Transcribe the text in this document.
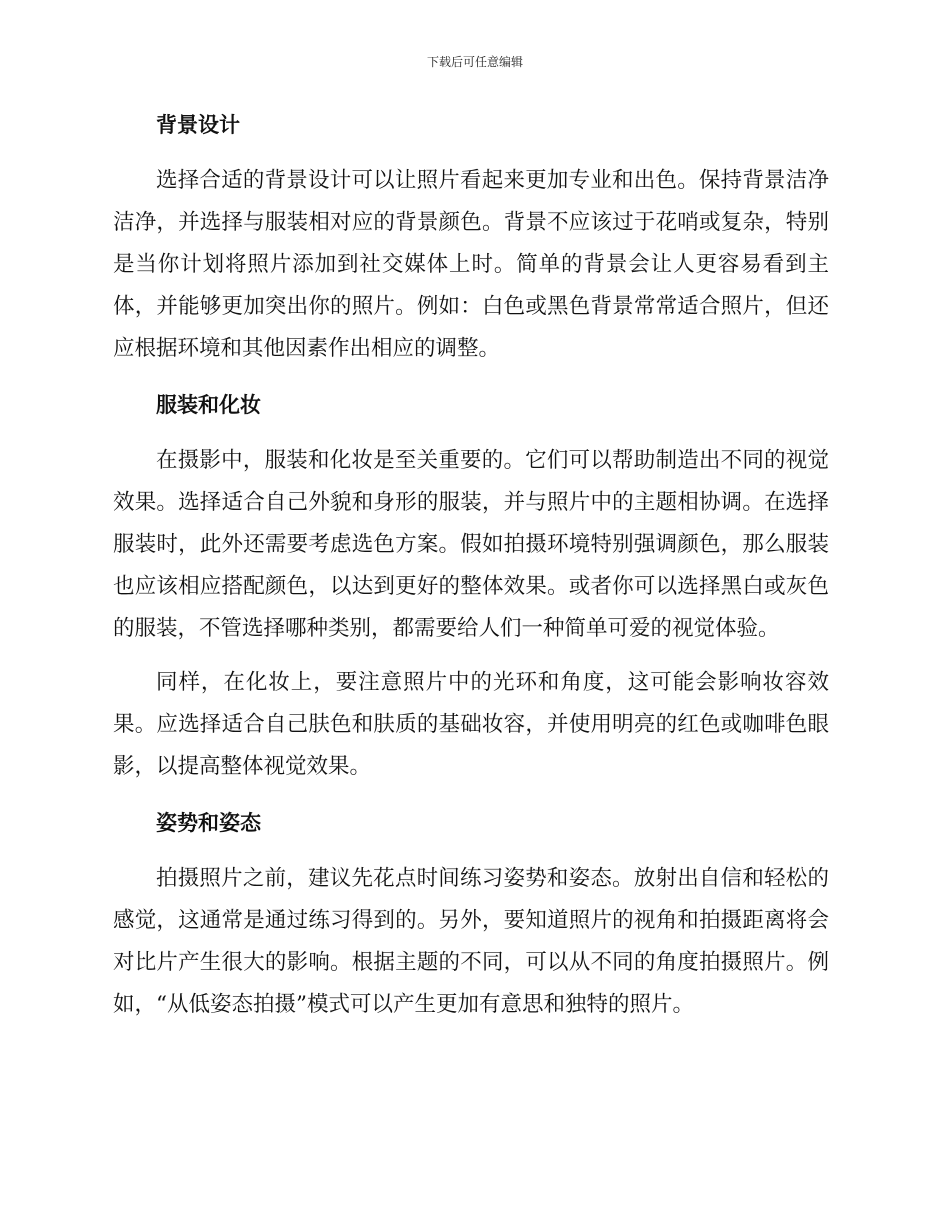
下载后可任意编辑
背景设计

选择合适的背景设计可以让照片看起来更加专业和出色。保持背景洁净洁净，并选择与服装相对应的背景颜色。背景不应该过于花哨或复杂，特别是当你计划将照片添加到社交媒体上时。简单的背景会让人更容易看到主体，并能够更加突出你的照片。例如：白色或黑色背景常常适合照片，但还应根据环境和其他因素作出相应的调整。

服装和化妆

在摄影中，服装和化妆是至关重要的。它们可以帮助制造出不同的视觉效果。选择适合自己外貌和身形的服装，并与照片中的主题相协调。在选择服装时，此外还需要考虑选色方案。假如拍摄环境特别强调颜色，那么服装也应该相应搭配颜色，以达到更好的整体效果。或者你可以选择黑白或灰色的服装，不管选择哪种类别，都需要给人们一种简单可爱的视觉体验。

同样，在化妆上，要注意照片中的光环和角度，这可能会影响妆容效果。应选择适合自己肤色和肤质的基础妆容，并使用明亮的红色或咖啡色眼影，以提高整体视觉效果。

姿势和姿态

拍摄照片之前，建议先花点时间练习姿势和姿态。放射出自信和轻松的感觉，这通常是通过练习得到的。另外，要知道照片的视角和拍摄距离将会对比片产生很大的影响。根据主题的不同，可以从不同的角度拍摄照片。例如，“从低姿态拍摄”模式可以产生更加有意思和独特的照片。
